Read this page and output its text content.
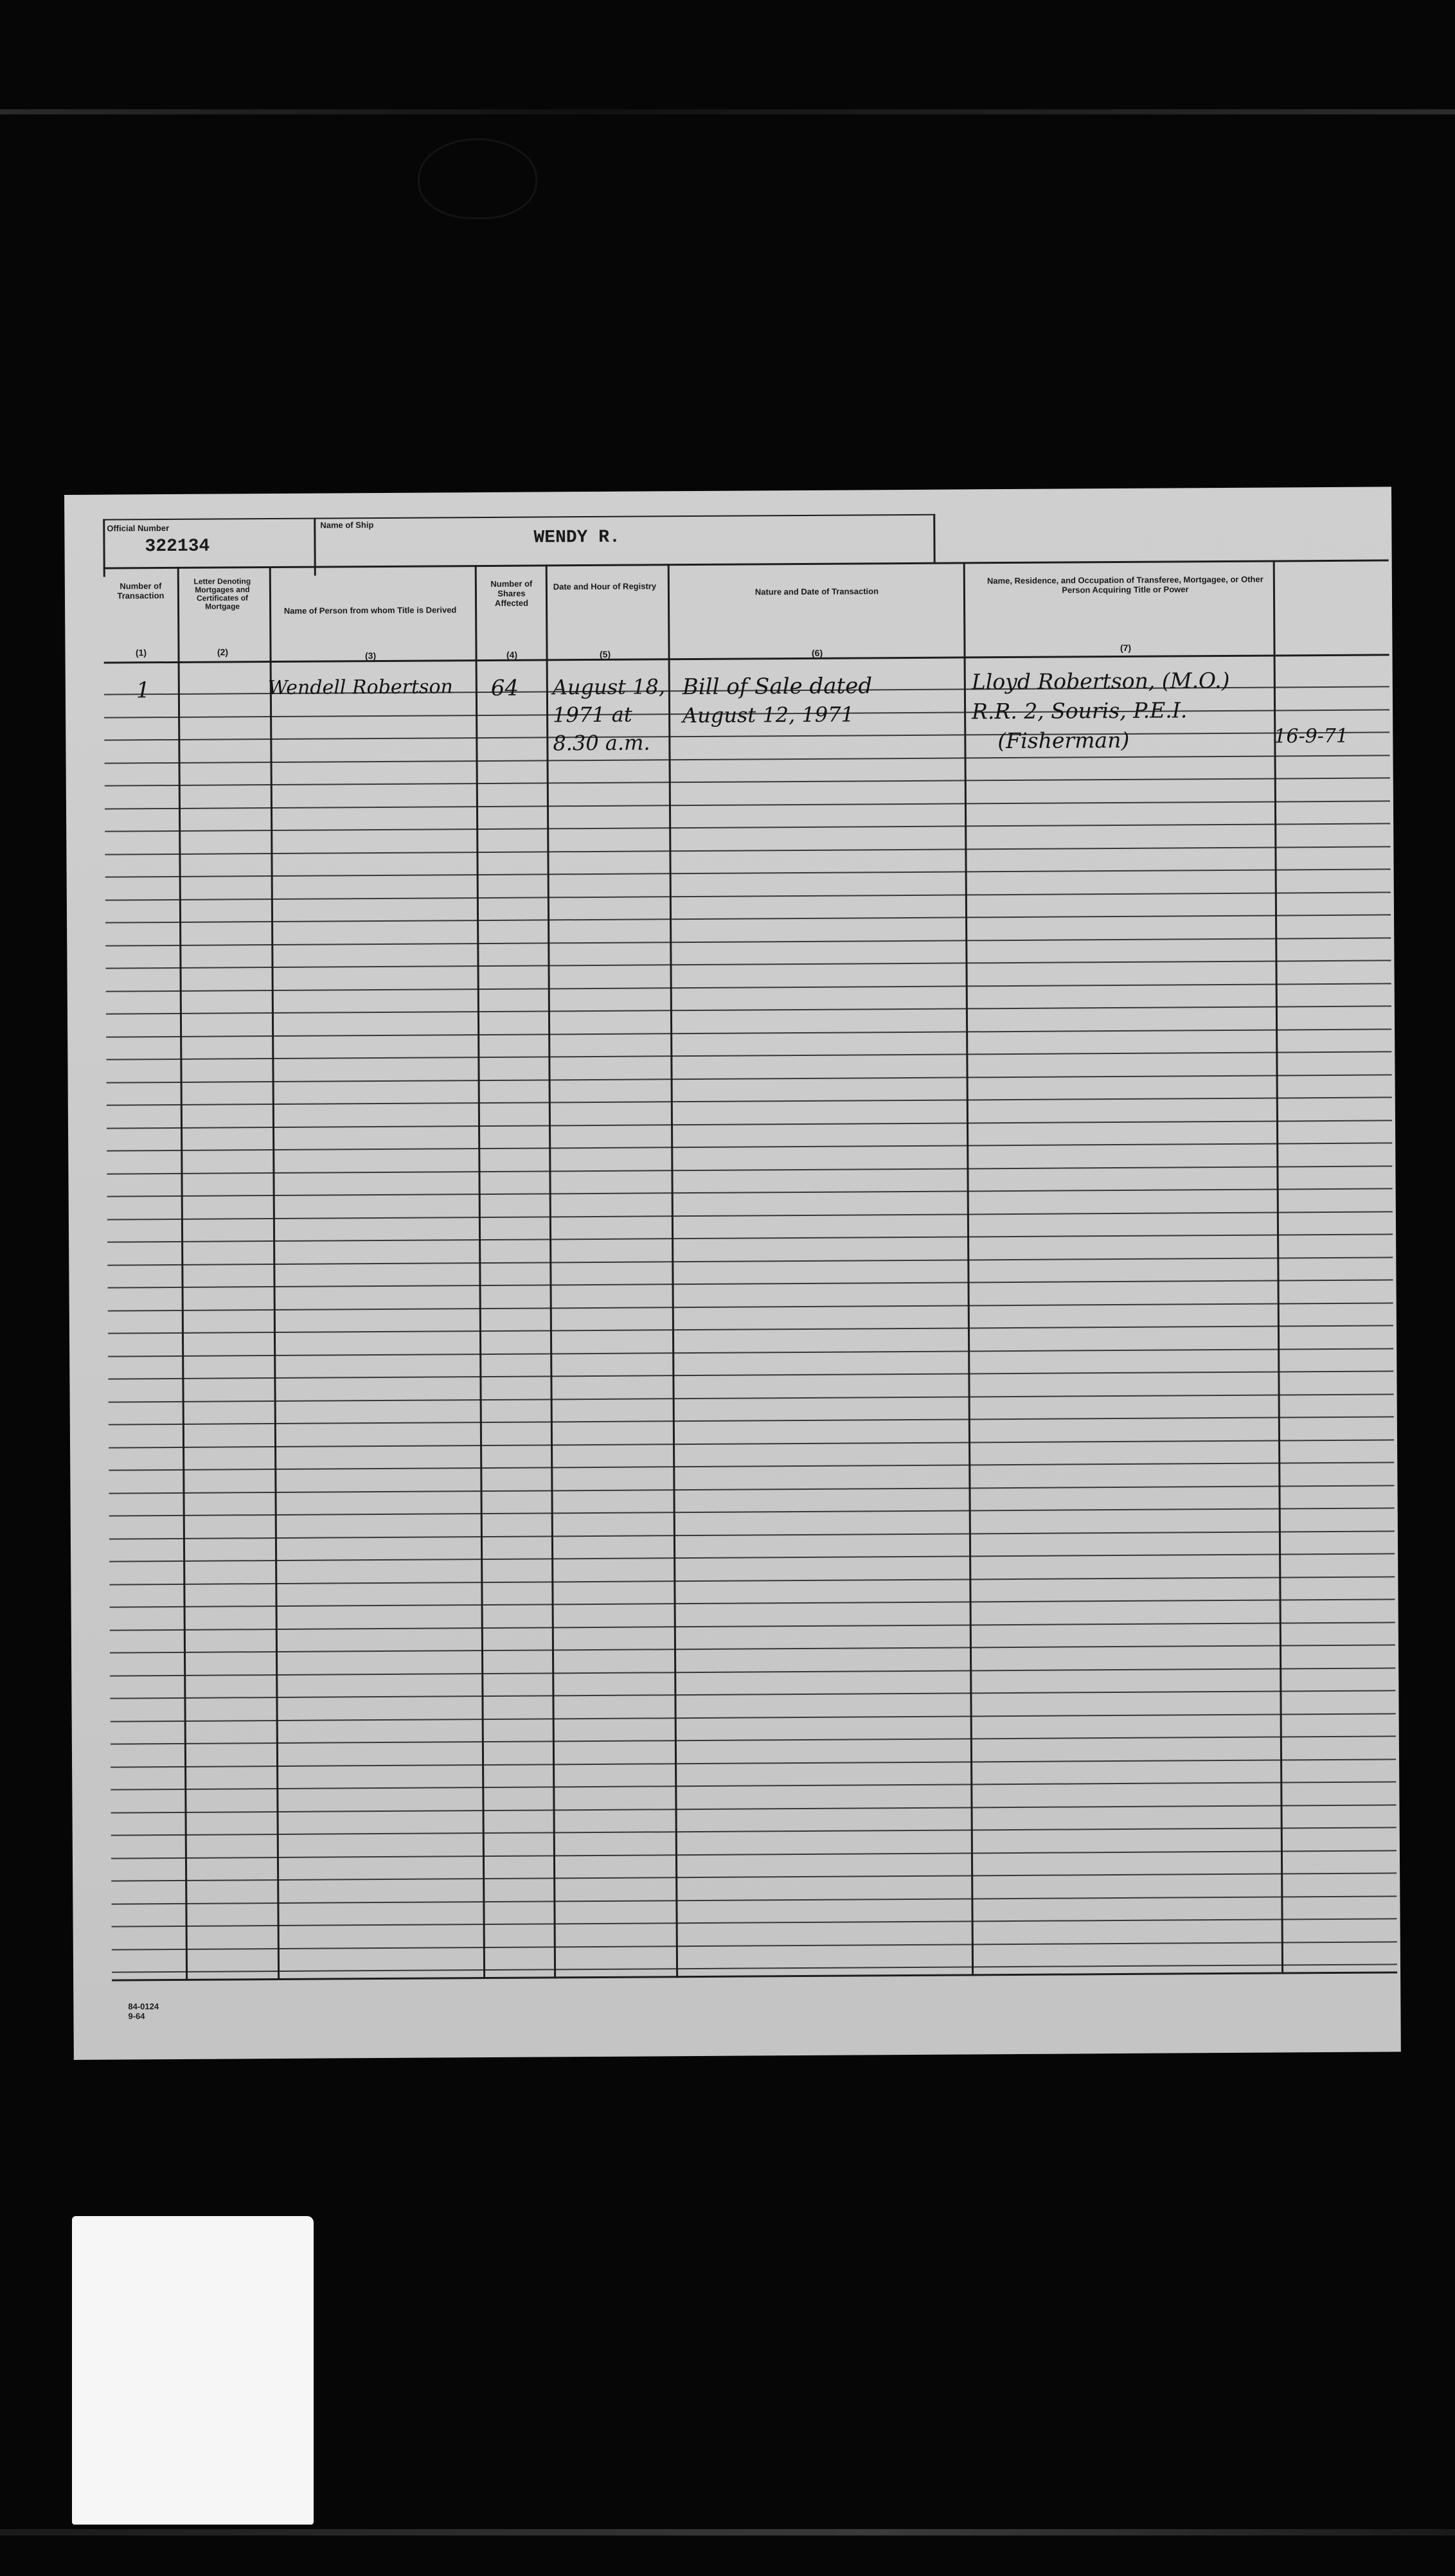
Official Number
322134
Name of Ship
WENDY R.
Number of Transaction
(1)
Letter Denoting Mortgages and Certificates of Mortgage
(2)
Name of Person from whom Title is Derived
(3)
Number of Shares Affected
(4)
Date and Hour of Registry
(5)
Nature and Date of Transaction
(6)
Name, Residence, and Occupation of Transferee, Mortgagee, or Other Person Acquiring Title or Power
(7)
1	Wendell Robertson 64 August 18,
1971 at
8.30 a.m.
Bill of Sale dated
August 12, 1971
Lloyd Robertson, (M.O.)
R.R. 2, Souris, P.E.I.
(Fisherman)	16-9-71
84-0124
9-64
